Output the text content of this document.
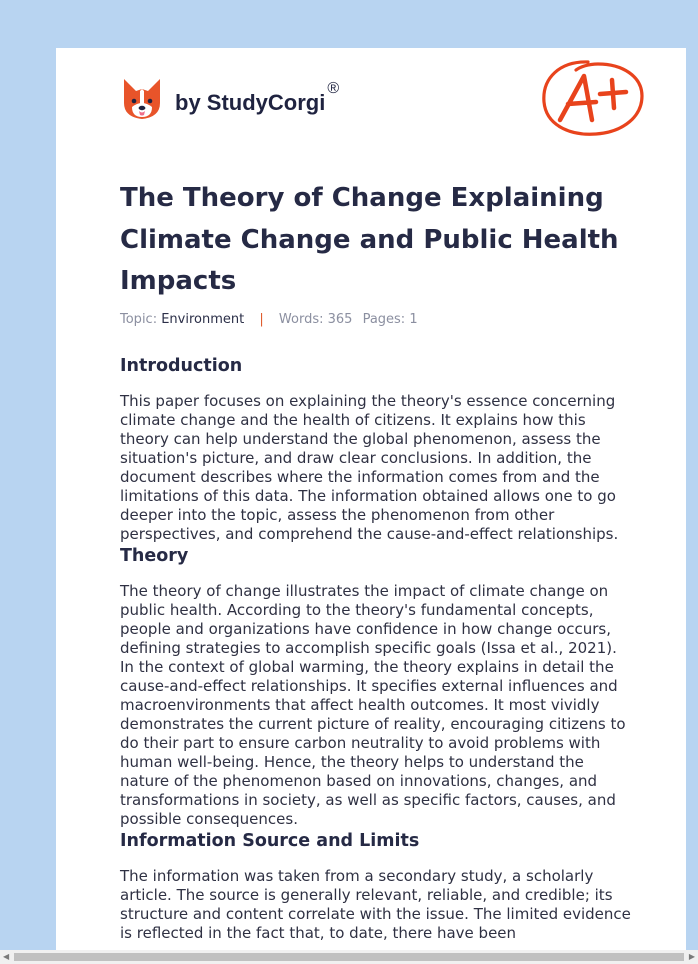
by StudyCorgi
®
The Theory of Change Explaining Climate Change and Public Health Impacts
Topic: Environment | Words: 365 Pages: 1
Introduction

This paper focuses on explaining the theory's essence concerning climate change and the health of citizens. It explains how this theory can help understand the global phenomenon, assess the situation's picture, and draw clear conclusions. In addition, the document describes where the information comes from and the limitations of this data. The information obtained allows one to go deeper into the topic, assess the phenomenon from other perspectives, and comprehend the cause-and-effect relationships.

Theory

The theory of change illustrates the impact of climate change on public health. According to the theory's fundamental concepts, people and organizations have confidence in how change occurs, defining strategies to accomplish specific goals (Issa et al., 2021). In the context of global warming, the theory explains in detail the cause-and-effect relationships. It specifies external influences and macroenvironments that affect health outcomes. It most vividly demonstrates the current picture of reality, encouraging citizens to do their part to ensure carbon neutrality to avoid problems with human well-being. Hence, the theory helps to understand the nature of the phenomenon based on innovations, changes, and transformations in society, as well as specific factors, causes, and possible consequences.

Information Source and Limits

The information was taken from a secondary study, a scholarly article. The source is generally relevant, reliable, and credible; its structure and content correlate with the issue. The limited evidence is reflected in the fact that, to date, there have been

◀	▶
